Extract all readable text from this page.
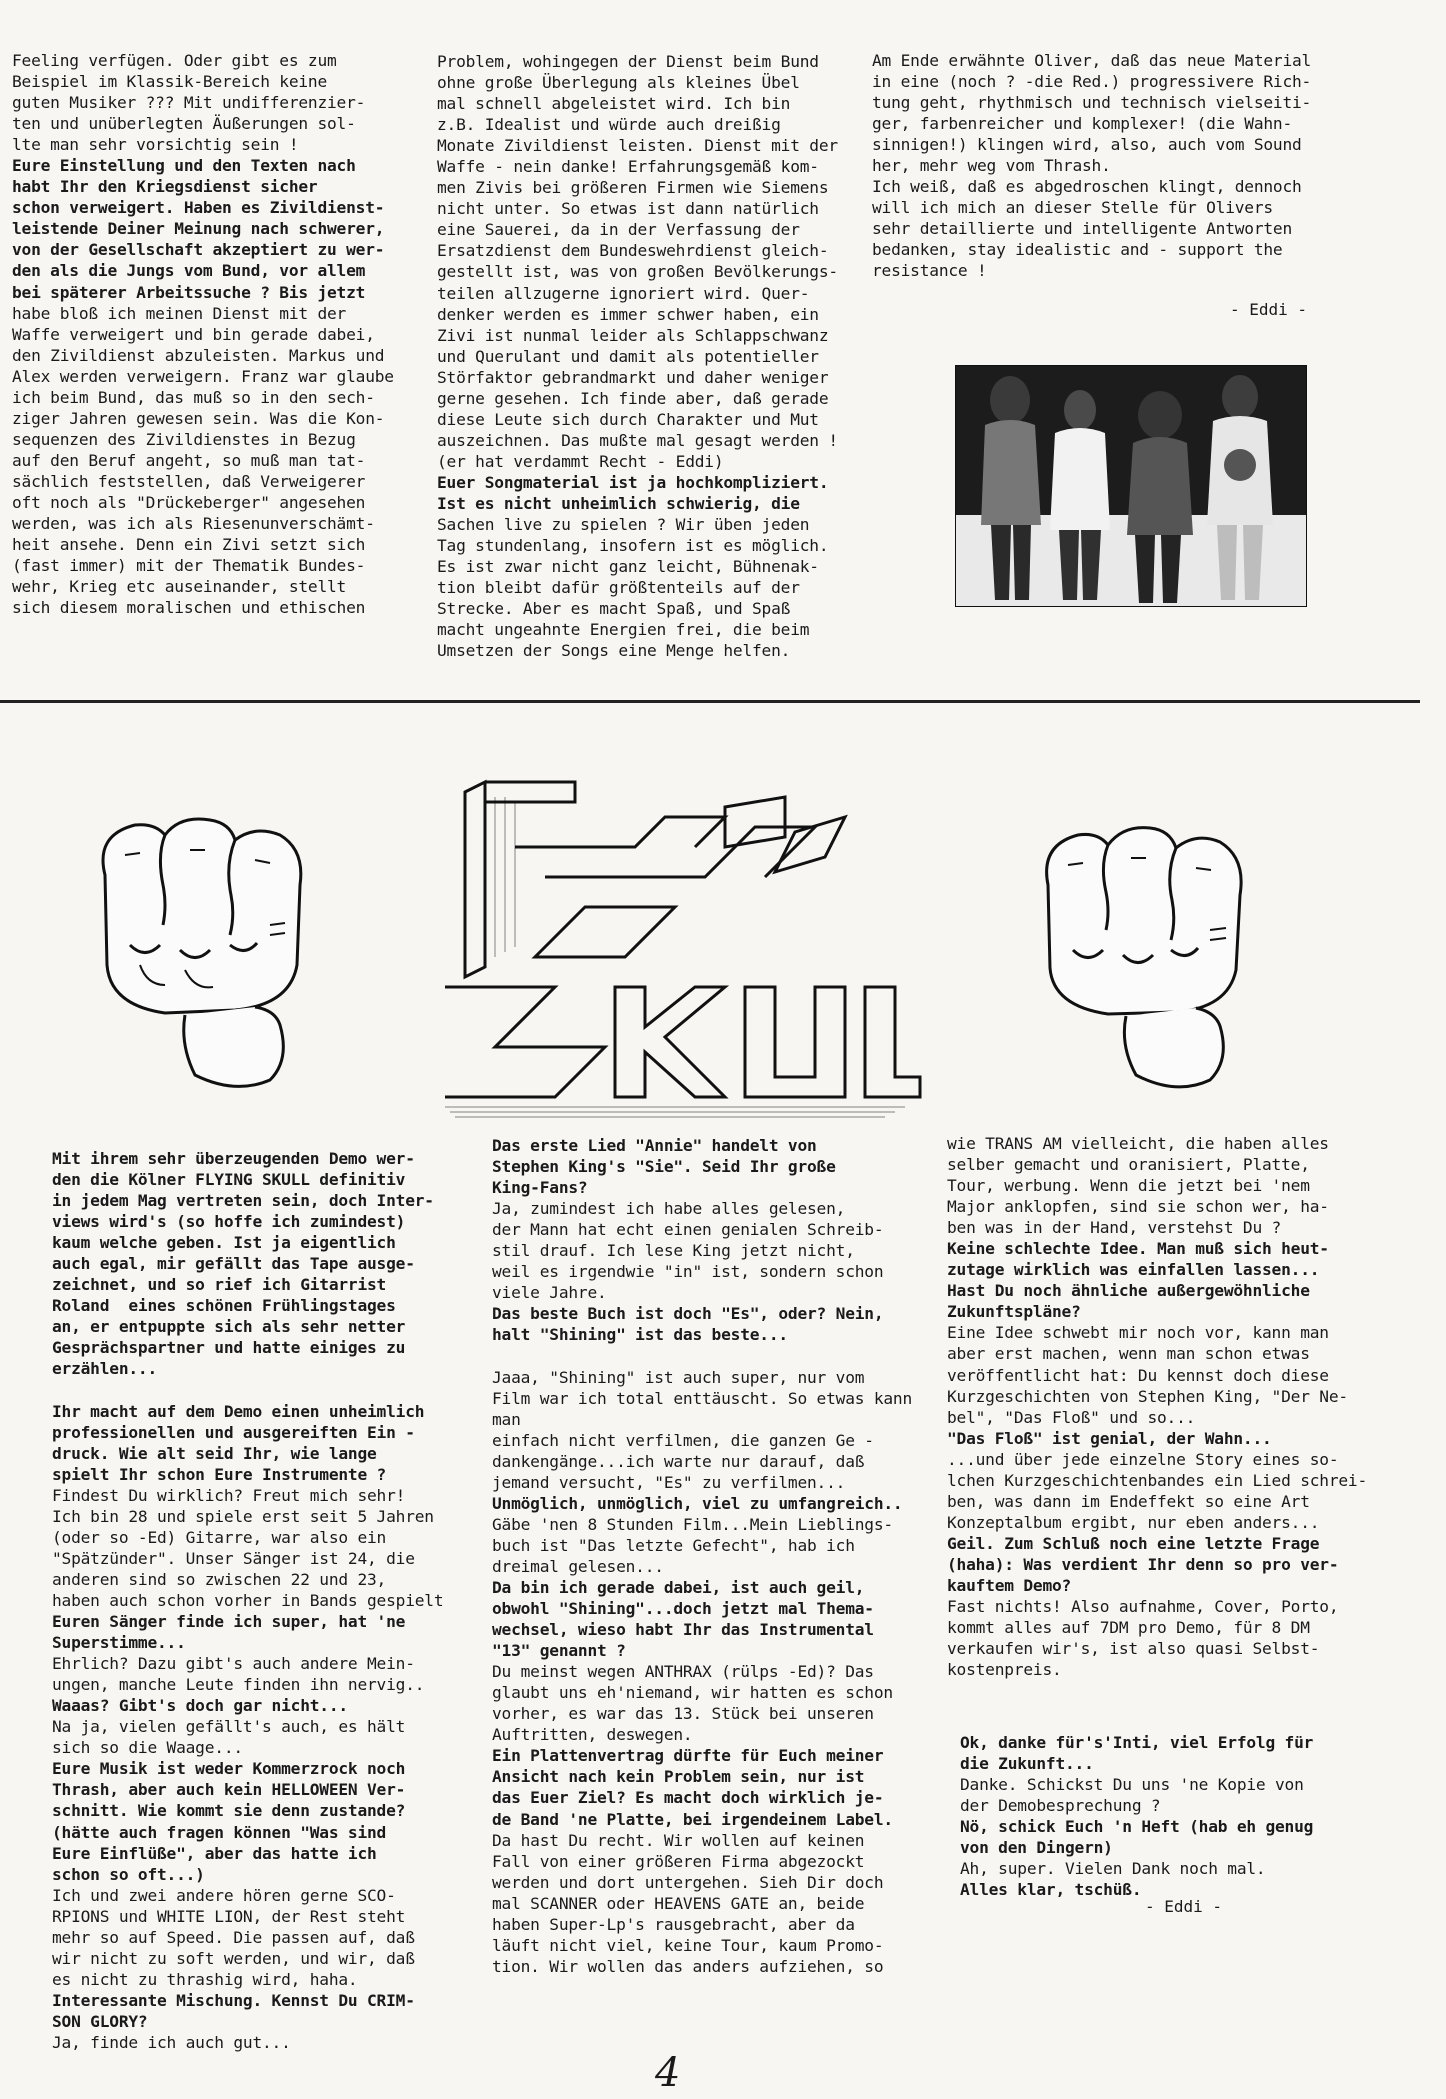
Feeling verfügen. Oder gibt es zum
Beispiel im Klassik-Bereich keine
guten Musiker ??? Mit undifferenzier-
ten und unüberlegten Äußerungen sol-
lte man sehr vorsichtig sein !
Eure Einstellung und den Texten nach
habt Ihr den Kriegsdienst sicher
schon verweigert. Haben es Zivildienst-
leistende Deiner Meinung nach schwerer,
von der Gesellschaft akzeptiert zu wer-
den als die Jungs vom Bund, vor allem
bei späterer Arbeitssuche ? Bis jetzt
habe bloß ich meinen Dienst mit der
Waffe verweigert und bin gerade dabei,
den Zivildienst abzuleisten. Markus und
Alex werden verweigern. Franz war glaube
ich beim Bund, das muß so in den sech-
ziger Jahren gewesen sein. Was die Kon-
sequenzen des Zivildienstes in Bezug
auf den Beruf angeht, so muß man tat-
sächlich feststellen, daß Verweigerer
oft noch als "Drückeberger" angesehen
werden, was ich als Riesenunverschämt-
heit ansehe. Denn ein Zivi setzt sich
(fast immer) mit der Thematik Bundes-
wehr, Krieg etc auseinander, stellt
sich diesem moralischen und ethischen
Problem, wohingegen der Dienst beim Bund
ohne große Überlegung als kleines Übel
mal schnell abgeleistet wird. Ich bin
z.B. Idealist und würde auch dreißig
Monate Zivildienst leisten. Dienst mit der
Waffe - nein danke! Erfahrungsgemäß kom-
men Zivis bei größeren Firmen wie Siemens
nicht unter. So etwas ist dann natürlich
eine Sauerei, da in der Verfassung der
Ersatzdienst dem Bundeswehrdienst gleich-
gestellt ist, was von großen Bevölkerungs-
teilen allzugerne ignoriert wird. Quer-
denker werden es immer schwer haben, ein
Zivi ist nunmal leider als Schlappschwanz
und Querulant und damit als potentieller
Störfaktor gebrandmarkt und daher weniger
gerne gesehen. Ich finde aber, daß gerade
diese Leute sich durch Charakter und Mut
auszeichnen. Das mußte mal gesagt werden !
(er hat verdammt Recht - Eddi)
Euer Songmaterial ist ja hochkompliziert.
Ist es nicht unheimlich schwierig, die
Sachen live zu spielen ? Wir üben jeden
Tag stundenlang, insofern ist es möglich.
Es ist zwar nicht ganz leicht, Bühnenak-
tion bleibt dafür größtenteils auf der
Strecke. Aber es macht Spaß, und Spaß
macht ungeahnte Energien frei, die beim
Umsetzen der Songs eine Menge helfen.
Am Ende erwähnte Oliver, daß das neue Material
in eine (noch ? -die Red.) progressivere Rich-
tung geht, rhythmisch und technisch vielseiti-
ger, farbenreicher und komplexer! (die Wahn-
sinnigen!) klingen wird, also, auch vom Sound
her, mehr weg vom Thrash.
Ich weiß, daß es abgedroschen klingt, dennoch
will ich mich an dieser Stelle für Olivers
sehr detaillierte und intelligente Antworten
bedanken, stay idealistic and - support the
resistance !
- Eddi -
Mit ihrem sehr überzeugenden Demo wer-
den die Kölner FLYING SKULL definitiv
in jedem Mag vertreten sein, doch Inter-
views wird's (so hoffe ich zumindest)
kaum welche geben. Ist ja eigentlich
auch egal, mir gefällt das Tape ausge-
zeichnet, und so rief ich Gitarrist
Roland  eines schönen Frühlingstages
an, er entpuppte sich als sehr netter
Gesprächspartner und hatte einiges zu
erzählen...

Ihr macht auf dem Demo einen unheimlich
professionellen und ausgereiften Ein -
druck. Wie alt seid Ihr, wie lange
spielt Ihr schon Eure Instrumente ?
Findest Du wirklich? Freut mich sehr!
Ich bin 28 und spiele erst seit 5 Jahren
(oder so -Ed) Gitarre, war also ein
"Spätzünder". Unser Sänger ist 24, die
anderen sind so zwischen 22 und 23,
haben auch schon vorher in Bands gespielt
Euren Sänger finde ich super, hat 'ne
Superstimme...
Ehrlich? Dazu gibt's auch andere Mein-
ungen, manche Leute finden ihn nervig..
Waaas? Gibt's doch gar nicht...
Na ja, vielen gefällt's auch, es hält
sich so die Waage...
Eure Musik ist weder Kommerzrock noch
Thrash, aber auch kein HELLOWEEN Ver-
schnitt. Wie kommt sie denn zustande?
(hätte auch fragen können "Was sind
Eure Einflüße", aber das hatte ich
schon so oft...)
Ich und zwei andere hören gerne SCO-
RPIONS und WHITE LION, der Rest steht
mehr so auf Speed. Die passen auf, daß
wir nicht zu soft werden, und wir, daß
es nicht zu thrashig wird, haha.
Interessante Mischung. Kennst Du CRIM-
SON GLORY?
Ja, finde ich auch gut...
Das erste Lied "Annie" handelt von
Stephen King's "Sie". Seid Ihr große
King-Fans?
Ja, zumindest ich habe alles gelesen,
der Mann hat echt einen genialen Schreib-
stil drauf. Ich lese King jetzt nicht,
weil es irgendwie "in" ist, sondern schon
viele Jahre.
Das beste Buch ist doch "Es", oder? Nein,
halt "Shining" ist das beste...

Jaaa, "Shining" ist auch super, nur vom
Film war ich total enttäuscht. So etwas kann man
einfach nicht verfilmen, die ganzen Ge -
dankengänge...ich warte nur darauf, daß
jemand versucht, "Es" zu verfilmen...
Unmöglich, unmöglich, viel zu umfangreich..
Gäbe 'nen 8 Stunden Film...Mein Lieblings-
buch ist "Das letzte Gefecht", hab ich
dreimal gelesen...
Da bin ich gerade dabei, ist auch geil,
obwohl "Shining"...doch jetzt mal Thema-
wechsel, wieso habt Ihr das Instrumental
"13" genannt ?
Du meinst wegen ANTHRAX (rülps -Ed)? Das
glaubt uns eh'niemand, wir hatten es schon
vorher, es war das 13. Stück bei unseren
Auftritten, deswegen.
Ein Plattenvertrag dürfte für Euch meiner
Ansicht nach kein Problem sein, nur ist
das Euer Ziel? Es macht doch wirklich je-
de Band 'ne Platte, bei irgendeinem Label.
Da hast Du recht. Wir wollen auf keinen
Fall von einer größeren Firma abgezockt
werden und dort untergehen. Sieh Dir doch
mal SCANNER oder HEAVENS GATE an, beide
haben Super-Lp's rausgebracht, aber da
läuft nicht viel, keine Tour, kaum Promo-
tion. Wir wollen das anders aufziehen, so
wie TRANS AM vielleicht, die haben alles
selber gemacht und oranisiert, Platte,
Tour, werbung. Wenn die jetzt bei 'nem
Major anklopfen, sind sie schon wer, ha-
ben was in der Hand, verstehst Du ?
Keine schlechte Idee. Man muß sich heut-
zutage wirklich was einfallen lassen...
Hast Du noch ähnliche außergewöhnliche
Zukunftspläne?
Eine Idee schwebt mir noch vor, kann man
aber erst machen, wenn man schon etwas
veröffentlicht hat: Du kennst doch diese
Kurzgeschichten von Stephen King, "Der Ne-
bel", "Das Floß" und so...
"Das Floß" ist genial, der Wahn...
...und über jede einzelne Story eines so-
lchen Kurzgeschichtenbandes ein Lied schrei-
ben, was dann im Endeffekt so eine Art
Konzeptalbum ergibt, nur eben anders...
Geil. Zum Schluß noch eine letzte Frage
(haha): Was verdient Ihr denn so pro ver-
kauftem Demo?
Fast nichts! Also aufnahme, Cover, Porto,
kommt alles auf 7DM pro Demo, für 8 DM
verkaufen wir's, ist also quasi Selbst-
kostenpreis.
Ok, danke für's'Inti, viel Erfolg für
die Zukunft...
Danke. Schickst Du uns 'ne Kopie von
der Demobesprechung ?
Nö, schick Euch 'n Heft (hab eh genug
von den Dingern)
Ah, super. Vielen Dank noch mal.
Alles klar, tschüß.
- Eddi -
4
